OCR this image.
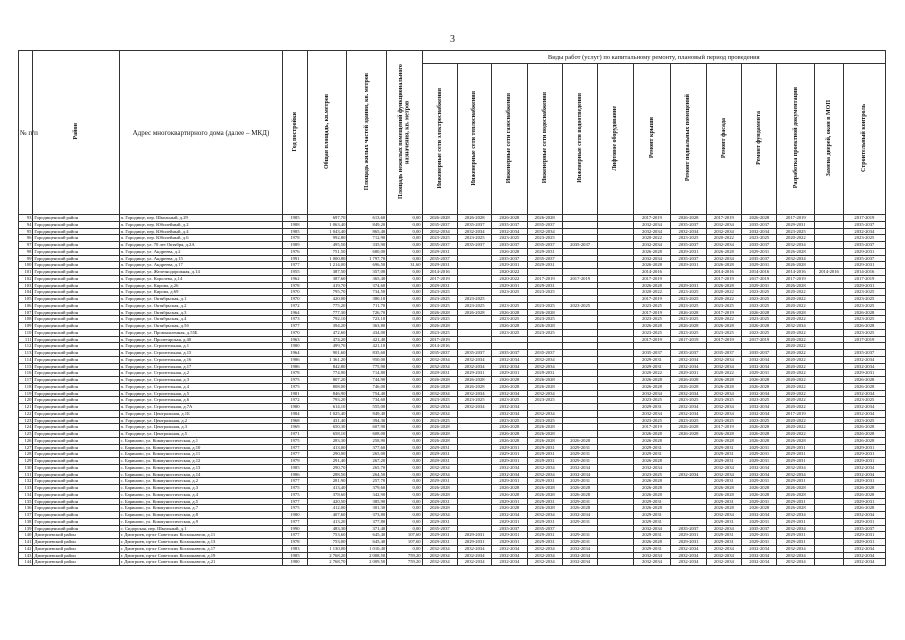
3
№ п/п	Район	Адрес многоквартирного дома (далее – МКД)	Год постройки	Общая площадь, кв.метров	Площадь жилых частей здания, кв. метров	Площадь нежилых помещений функционального назначения, кв. метров	Виды работ (услуг) по капитальному ремонту, плановый период проведения												
							Инженерные сети электроснабжения	Инженерные сети теплоснабжения	Инженерные сети газоснабжения	Инженерные сети водоснабжения	Инженерные сети водоотведения	Лифтовое оборудование	Ремонт крыши	Ремонт подвальных помещений	Ремонт фасада	Ремонт фундамента	Разработка проектной документации	Замена дверей, окон в МОП	Строительный контроль
93	Городищенский район	п. Городище, пер. Школьный, д.29	1985	697,70	613,60	0,00	2026-2028	2026-2028	2026-2028	2026-2028			2017-2019	2026-2028	2017-2019	2026-2028	2017-2019		2017-2019
94	Городищенский район	п. Городище, пер. Юбилейный, д.2	1988	1 063,40	849,20	0,00	2035-2037	2035-2037	2035-2037	2035-2037			2032-2034	2035-2037	2032-2034	2035-2037	2029-2031		2035-2037
95	Городищенский район	п. Городище, пер. Юбилейный, д.4	1985	1 043,40	865,40	0,00	2032-2034	2032-2034	2032-2034	2032-2034			2032-2034	2032-2034	2032-2034	2032-2034	2023-2025		2032-2034
96	Городищенский район	п. Городище, пер. Юбилейный, д.6	1978	992,80	712,90	0,00	2023-2025	2023-2025	2023-2025	2023-2025			2020-2022	2023-2025	2020-2022	2023-2025	2020-2022		2023-2025
97	Городищенский район	п. Городище, ул. 70 лет Октября, д.2А	1989	495,50	335,90	0,00	2035-2037	2035-2037	2035-2037	2035-2037	2035-2037		2032-2034	2035-2037	2032-2034	2035-2037	2032-2034		2035-2037
98	Городищенский район	п. Городище, ул. Андреева, д.2	1976	751,50	680,00	0,00	2029-2031		2026-2028	2029-2031			2026-2028	2029-2031	2026-2028	2029-2031	2026-2028		2029-2031
99	Городищенский район	п. Городище, ул. Андреева, д.15	1991	1 000,80	1 797,70	0,00	2035-2037		2035-2037	2035-2037			2032-2034	2035-2037	2032-2034	2035-2037	2032-2034		2035-2037
100	Городищенский район	п. Городище, ул. Андреева, д.17	1977	1 214,00	696,50	31,60	2029-2031		2029-2031	2029-2031			2026-2028	2029-2031	2026-2028	2029-2031	2026-2028		2029-2031
101	Городищенский район	п. Городище, ул. Железнодорожная, д.14	1955	387,50	357,00	0,00	2014-2016		2020-2022				2014-2016		2014-2016	2014-2016	2014-2016	2014-2016	2014-2016
102	Городищенский район	п. Городище, ул. Королева, д.14	1962	387,60	365,40	0,00	2017-2019		2020-2022	2017-2019	2017-2019		2017-2019		2017-2019	2017-2019	2017-2019		2017-2019
103	Городищенский район	п. Городище, ул. Кирова, д.26	1978	419,70	374,60	0,00	2029-2031		2029-2031	2029-2031			2026-2028	2029-2031	2026-2028	2029-2031	2026-2028		2029-2031
104	Городищенский район	п. Городище, ул. Кирова, д.69	1970	795,70	734,50	0,00	2023-2025		2023-2025	2023-2025			2020-2022	2023-2025	2020-2022	2023-2025	2020-2022		2023-2025
105	Городищенский район	п. Городище, ул. Октябрьская, д.1	1970	420,00	380,10	0,00	2023-2025	2023-2025					2017-2019	2023-2025	2020-2022	2023-2025	2020-2022		2023-2025
106	Городищенский район	п. Городище, ул. Октябрьская, д.2	1972	775,20	711,70	0,00	2023-2025	2023-2025	2023-2025	2023-2025	2023-2025		2023-2025	2023-2025	2023-2025	2023-2025	2020-2022		2023-2025
107	Городищенский район	п. Городище, ул. Октябрьская, д.3	1964	777,30	726,70	0,00	2026-2028	2026-2028	2026-2028	2026-2028			2017-2019	2026-2028	2017-2019	2026-2028	2026-2028		2026-2028
108	Городищенский район	п. Городище, ул. Октябрьская, д.4	1973	792,10	723,10	0,00	2023-2025		2023-2025	2023-2025			2023-2025	2023-2025	2020-2022	2023-2025	2020-2022		2023-2025
109	Городищенский район	п. Городище, ул. Октябрьская, д.5б	1977	394,20	363,80	0,00	2026-2028		2026-2028	2026-2028			2026-2028	2026-2028	2026-2028	2026-2028	2032-2034		2026-2028
110	Городищенский район	п. Городище, ул. Промышленная, д.55Б	1970	472,60	434,00	0,00	2023-2025		2023-2025	2023-2025			2023-2025	2023-2025	2023-2025	2023-2025	2020-2022		2023-2025
111	Городищенский район	п. Городище, ул. Пролетарская, д.40	1963	474,20	421,40	0,00	2017-2019						2017-2019	2017-2019	2017-2019	2017-2019	2020-2022		2017-2019
112	Городищенский район	п. Городище, ул. Строительная, д.1	1980	499,70	421,10	0,00	2014-2016										2020-2022		
113	Городищенский район	п. Городище, ул. Строительная, д.15	1964	901,60	835,60	0,00	2035-2037	2035-2037	2035-2037	2035-2037			2035-2037	2035-2037	2035-2037	2035-2037	2020-2022		2035-2037
114	Городищенский район	п. Городище, ул. Строительная, д.16	1986	1 361,20	950,00	0,00	2032-2034	2032-2034	2032-2034	2032-2034			2029-2031	2032-2034	2032-2034	2032-2034	2020-2022		2032-2034
115	Городищенский район	п. Городище, ул. Строительная, д.17	1986	842,80	775,90	0,00	2032-2034	2032-2034	2032-2034	2032-2034			2029-2031	2032-2034	2032-2034	2032-2034	2020-2022		2032-2034
116	Городищенский район	п. Городище, ул. Строительная, д.2	1978	774,90	714,80	0,00	2029-2031	2029-2031	2029-2031	2029-2031			2020-2022	2029-2031	2020-2022	2029-2031	2020-2022		2029-2031
117	Городищенский район	п. Городище, ул. Строительная, д.3	1975	807,20	744,90	0,00	2026-2028	2026-2028	2026-2028	2026-2028			2026-2028	2026-2028	2026-2028	2026-2028	2020-2022		2026-2028
118	Городищенский район	п. Городище, ул. Строительная, д.4	1975	808,00	746,00	0,00	2026-2028	2026-2028	2026-2028	2026-2028			2026-2028	2026-2028	2026-2028	2026-2028	2020-2022		2026-2028
119	Городищенский район	п. Городище, ул. Строительная, д.5	1981	846,90	754,40	0,00	2032-2034	2032-2034	2032-2034	2032-2034			2032-2034	2032-2034	2032-2034	2032-2034	2020-2022		2032-2034
120	Городищенский район	п. Городище, ул. Строительная, д.6	1972	793,20	734,60	0,00	2023-2025	2023-2025	2023-2025	2023-2025			2023-2025	2023-2025	2023-2025	2023-2025	2020-2022		2023-2025
121	Городищенский район	п. Городище, ул. Строительная, д.7А	1980	614,10	555,00	0,00	2032-2034	2032-2034	2032-2034				2029-2031	2032-2034	2032-2034	2032-2034	2020-2022		2032-2034
122	Городищенский район	п. Городище, ул. Центральная, д.1Б	1984	1 025,40	849,40	0,00	2032-2034		2032-2034	2032-2034			2032-2034	2032-2034	2032-2034	2032-2034	2017-2019		2032-2034
123	Городищенский район	п. Городище, ул. Центральная, д.2	1968	431,40	394,30	0,00	2023-2025		2023-2025	2023-2025			2023-2025	2023-2025	2023-2025	2023-2025	2020-2022		2023-2025
124	Городищенский район	п. Городище, ул. Центральная, д.3	1969	650,30	607,90	0,00	2026-2028		2026-2028	2026-2028			2017-2019	2026-2028	2017-2019	2026-2028	2020-2022		2026-2028
125	Городищенский район	п. Городище, ул. Центральная, д.5	1971	658,10	608,00	0,00	2026-2028		2026-2028	2026-2028			2026-2028	2026-2028	2026-2028	2026-2028	2020-2022		2026-2028
126	Городищенский район	с. Бариново, ул. Коммунистическая, д.1	1975	283,30	258,90	0,00	2026-2028		2026-2028	2026-2028	2026-2028		2026-2028		2026-2028	2026-2028	2026-2028		2026-2028
127	Городищенский район	с. Бариново, ул. Коммунистическая, д.10	1977	413,00	377,60	0,00	2029-2031		2029-2031	2029-2031	2029-2031		2029-2031		2029-2031	2029-2031	2029-2031		2029-2031
128	Городищенский район	с. Бариново, ул. Коммунистическая, д.11	1977	290,00	265,00	0,00	2029-2031		2029-2031	2029-2031	2029-2031		2029-2031		2029-2031	2029-2031	2029-2031		2029-2031
129	Городищенский район	с. Бариново, ул. Коммунистическая, д.12	1979	291,40	267,20	0,00	2029-2031		2029-2031	2029-2031	2029-2031		2026-2028		2029-2031	2029-2031	2029-2031		2029-2031
130	Городищенский район	с. Бариново, ул. Коммунистическая, д.13	1985	290,70	265,70	0,00	2032-2034		2032-2034	2032-2034	2032-2034		2032-2034		2032-2034	2032-2034	2032-2034		2032-2034
131	Городищенский район	с. Бариново, ул. Коммунистическая, д.14	1986	288,50	264,50	0,00	2032-2034		2032-2034	2032-2034	2032-2034		2023-2025	2032-2034	2032-2034	2032-2034	2032-2034		2032-2034
132	Городищенский район	с. Бариново, ул. Коммунистическая, д.2	1977	281,90	257,70	0,00	2029-2031		2029-2031	2029-2031	2029-2031		2026-2028		2029-2031	2029-2031	2029-2031		2029-2031
133	Городищенский район	с. Бариново, ул. Коммунистическая, д.3	1975	413,40	379,60	0,00	2026-2028		2026-2028	2026-2028	2026-2028		2026-2028		2026-2028	2026-2028	2026-2028		2026-2028
134	Городищенский район	с. Бариново, ул. Коммунистическая, д.4	1975	378,60	342,90	0,00	2026-2028		2026-2028	2026-2028	2026-2028		2026-2028		2026-2028	2026-2028	2026-2028		2026-2028
135	Городищенский район	с. Бариново, ул. Коммунистическая, д.5	1977	420,50	385,90	0,00	2029-2031		2029-2031	2029-2031	2029-2031		2029-2031		2029-2031	2029-2031	2029-2031		2029-2031
136	Городищенский район	с. Бариново, ул. Коммунистическая, д.7	1975	412,00	381,30	0,00	2026-2028		2026-2028	2026-2028	2026-2028		2026-2028		2026-2028	2026-2028	2026-2028		2026-2028
137	Городищенский район	с. Бариново, ул. Коммунистическая, д.8	1980	407,60	373,80	0,00	2032-2034		2032-2034	2032-2034	2032-2034		2029-2031		2032-2034	2032-2034	2032-2034		2032-2034
138	Городищенский район	с. Бариново, ул. Коммунистическая, д.9	1977	413,20	377,80	0,00	2029-2031		2029-2031	2029-2031	2029-2031		2029-2031		2029-2031	2029-2031	2029-2031		2029-2031
139	Городищенский район	с. Сидорская, пер. Школьный, д.1	1990	483,30	371,40	0,00	2035-2037		2035-2037	2035-2037			2032-2034	2035-2037	2032-2034	2035-2037	2032-2034		2035-2037
140	Дмитриевский район	г. Дмитриев, пр-кт Советских Космонавтов, д.11	1977	753,60	645,40	107,60	2029-2031	2029-2031	2029-2031	2029-2031	2029-2031		2029-2031	2029-2031	2029-2031	2029-2031	2029-2031		2029-2031
141	Дмитриевский район	г. Дмитриев, пр-кт Советских Космонавтов, д.13	1978	753,00	645,40	107,60	2029-2031	2029-2031	2029-2031	2029-2031	2029-2031		2026-2028	2029-2031	2029-2031	2029-2031	2029-2031		2029-2031
142	Дмитриевский район	г. Дмитриев, пр-кт Советских Космонавтов, д.17	1983	1 130,00	1 010,40	0,00	2032-2034	2032-2034	2032-2034	2032-2034	2032-2034		2029-2031	2032-2034	2032-2034	2032-2034	2032-2034		2032-2034
143	Дмитриевский район	г. Дмитриев, пр-кт Советских Космонавтов, д.19	1985	2 768,20	2 008,50	759,20	2032-2034	2032-2034	2032-2034	2032-2034	2032-2034		2032-2034	2032-2034	2032-2034	2032-2034	2032-2034		2032-2034
144	Дмитриевский район	г. Дмитриев, пр-кт Советских Космонавтов, д.21	1980	2 768,70	2 009,50	759,20	2032-2034	2032-2034	2032-2034	2032-2034	2032-2034		2032-2034	2032-2034	2032-2034	2032-2034	2032-2034		2032-2034
